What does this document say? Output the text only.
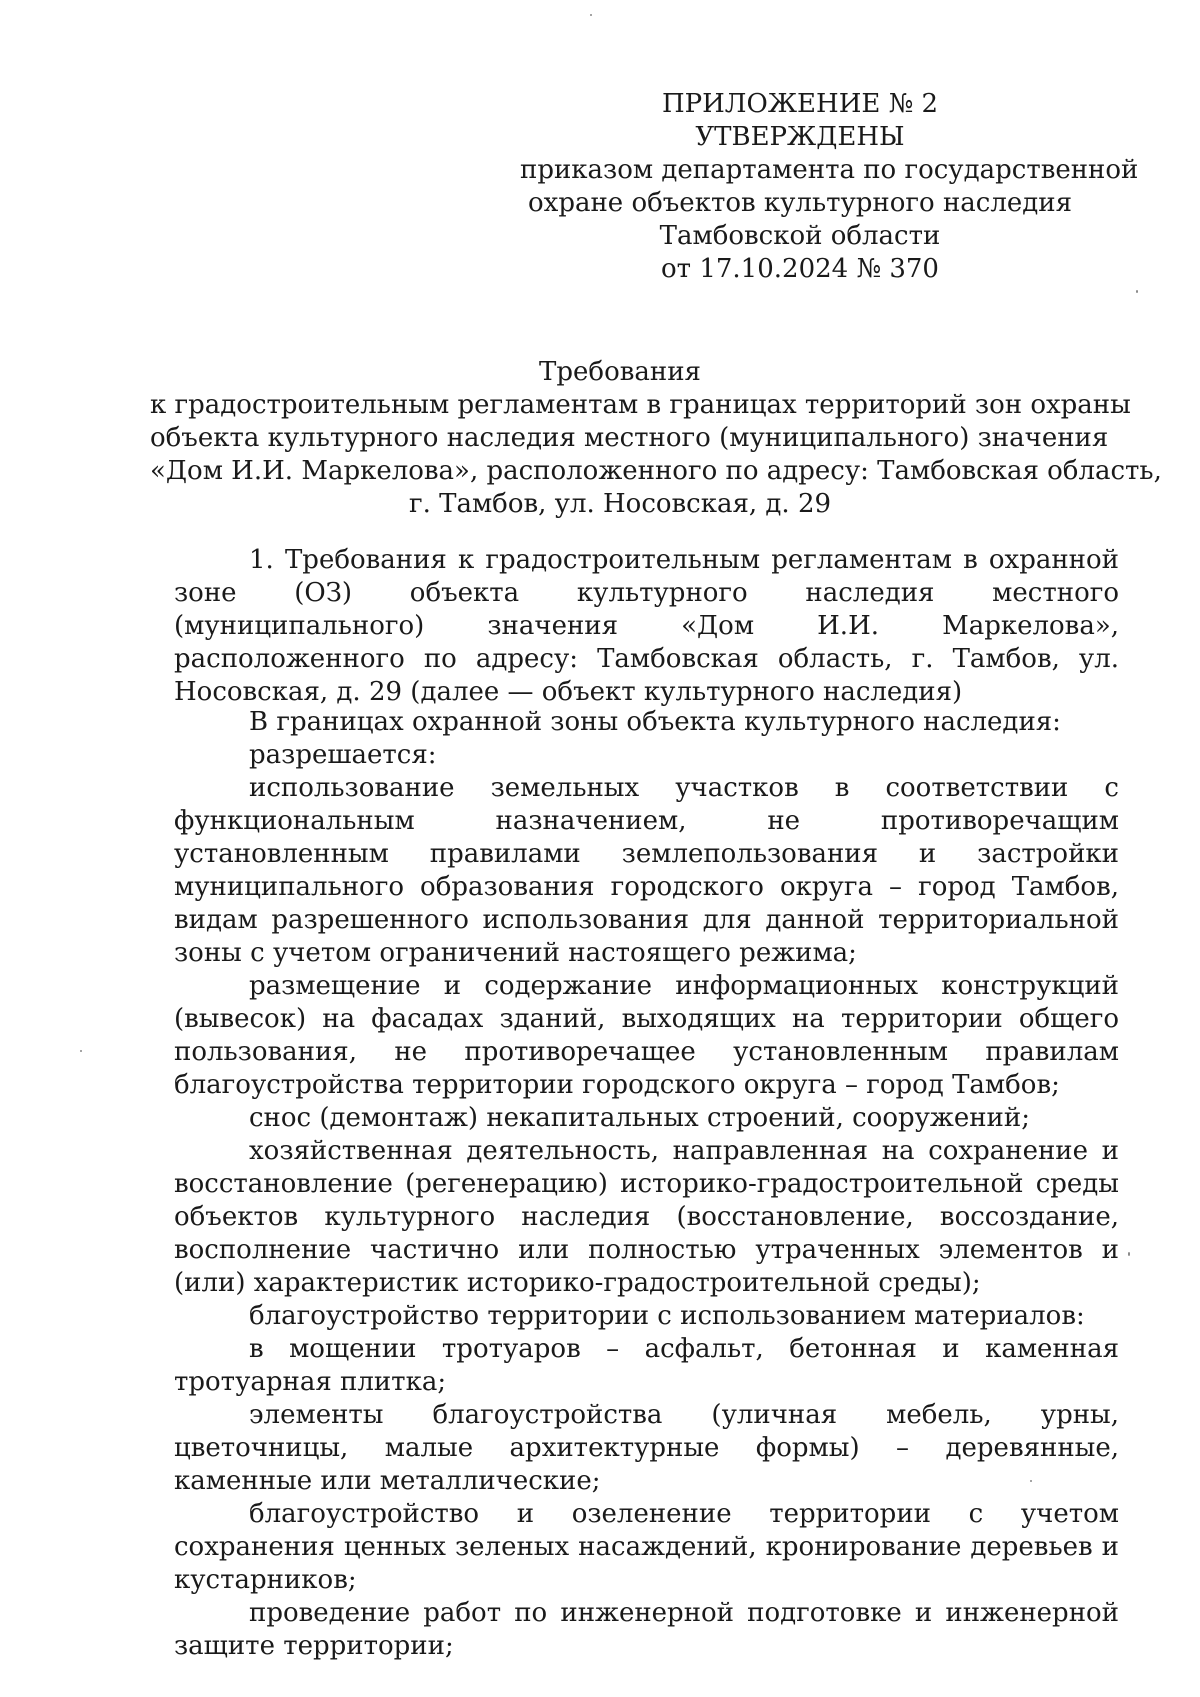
ПРИЛОЖЕНИЕ № 2
УТВЕРЖДЕНЫ
приказом департамента по государственной
охране объектов культурного наследия
Тамбовской области
от 17.10.2024 № 370
Требования
к градостроительным регламентам в границах территорий зон охраны
объекта культурного наследия местного (муниципального) значения
«Дом И.И. Маркелова», расположенного по адресу: Тамбовская область,
г. Тамбов, ул. Носовская, д. 29

1. Требования к градостроительным регламентам в охранной зоне (ОЗ) объекта культурного наследия местного (муниципального) значения «Дом И.И. Маркелова», расположенного по адресу: Тамбовская область, г. Тамбов, ул. Носовская, д. 29 (далее — объект культурного наследия)

В границах охранной зоны объекта культурного наследия:

разрешается:

использование земельных участков в соответствии с функциональным назначением, не противоречащим установленным правилами землепользования и застройки муниципального образования городского округа – город Тамбов, видам разрешенного использования для данной территориальной зоны с учетом ограничений настоящего режима;

размещение и содержание информационных конструкций (вывесок) на фасадах зданий, выходящих на территории общего пользования, не противоречащее установленным правилам благоустройства территории городского округа – город Тамбов;

снос (демонтаж) некапитальных строений, сооружений;

хозяйственная деятельность, направленная на сохранение и восстановление (регенерацию) историко-градостроительной среды объектов культурного наследия (восстановление, воссоздание, восполнение частично или полностью утраченных элементов и (или) характеристик историко-градостроительной среды);

благоустройство территории с использованием материалов:

в мощении тротуаров – асфальт, бетонная и каменная тротуарная плитка;

элементы благоустройства (уличная мебель, урны, цветочницы, малые архитектурные формы) – деревянные, каменные или металлические;

благоустройство и озеленение территории с учетом сохранения ценных зеленых насаждений, кронирование деревьев и кустарников;

проведение работ по инженерной подготовке и инженерной защите территории;
